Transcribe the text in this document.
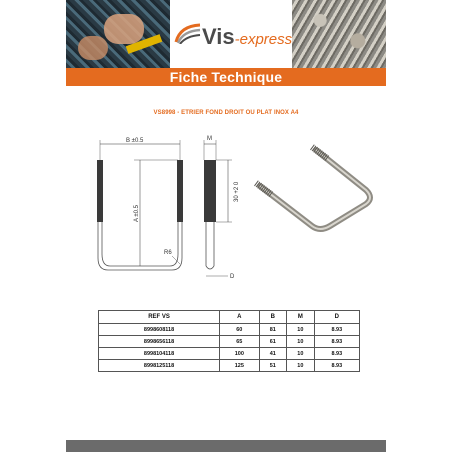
Vis-express
Fiche Technique
VS8998 - ETRIER FOND DROIT OU PLAT INOX A4
B ±0.5
A ±0.5
R6
M
30 +2 0
D
REF VS	A	B	M	D
8998608118	60	81	10	8.93
8998656118	65	61	10	8.93
8998104118	100	41	10	8.93
8998125118	125	51	10	8.93
